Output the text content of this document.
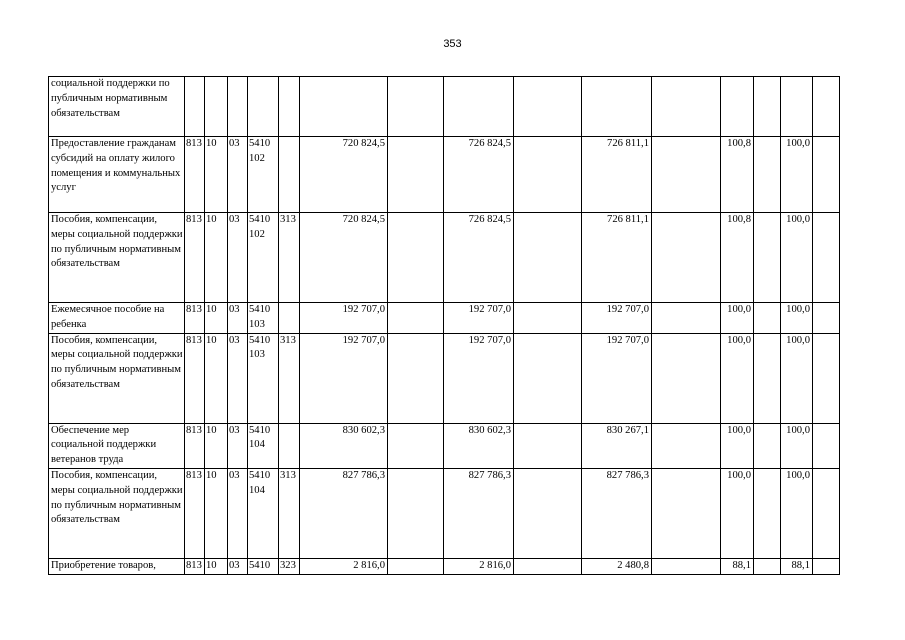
353
социальной поддержки по публичным нормативным обязательствам															
Предоставление гражданам субсидий на оплату жилого помещения и коммунальных услуг	813	10	03	5410 102		720 824,5		726 824,5		726 811,1		100,8		100,0	
Пособия, компенсации, меры социальной поддержки по публичным нормативным обязательствам	813	10	03	5410 102	313	720 824,5		726 824,5		726 811,1		100,8		100,0	
Ежемесячное пособие на ребенка	813	10	03	5410 103		192 707,0		192 707,0		192 707,0		100,0		100,0	
Пособия, компенсации, меры социальной поддержки по публичным нормативным обязательствам	813	10	03	5410 103	313	192 707,0		192 707,0		192 707,0		100,0		100,0	
Обеспечение мер социальной поддержки ветеранов труда	813	10	03	5410 104		830 602,3		830 602,3		830 267,1		100,0		100,0	
Пособия, компенсации, меры социальной поддержки по публичным нормативным обязательствам	813	10	03	5410 104	313	827 786,3		827 786,3		827 786,3		100,0		100,0	
Приобретение товаров,	813	10	03	5410	323	2 816,0		2 816,0		2 480,8		88,1		88,1	
